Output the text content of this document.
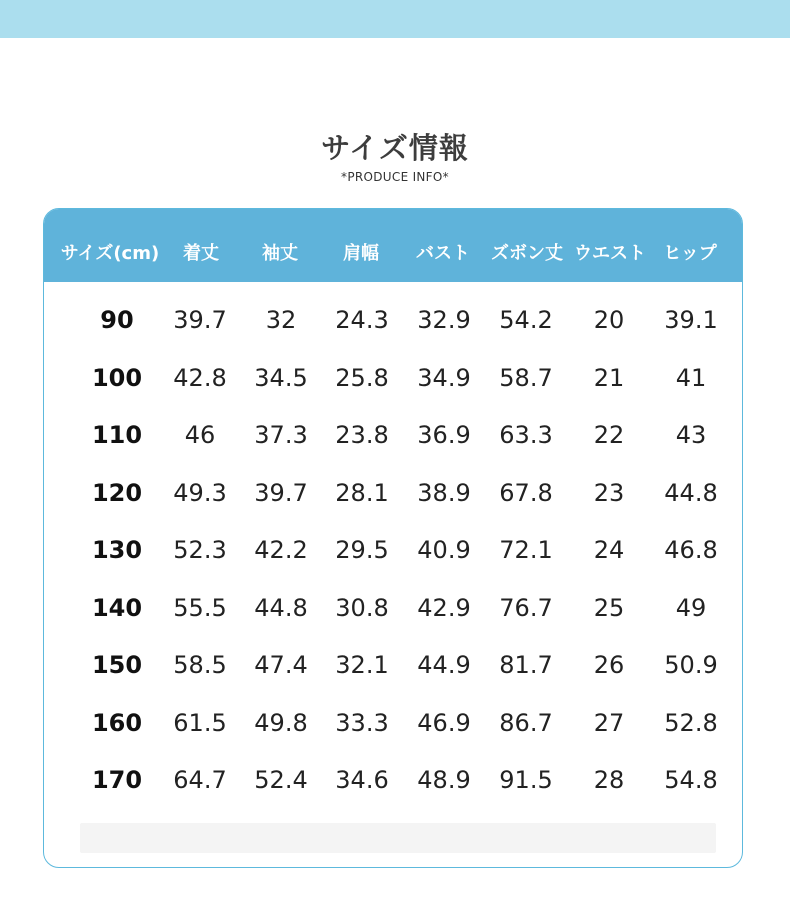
サイズ情報
*PRODUCE INFO*
サイズ(cm)	着丈	袖丈	肩幅	バスト	ズボン丈 ウエスト ヒップ
90	39.7	32	24.3	32.9	54.2	20	39.1
100	42.8	34.5	25.8	34.9	58.7	21	41
110	46	37.3	23.8	36.9	63.3	22	43
120	49.3	39.7	28.1	38.9	67.8	23	44.8
130	52.3	42.2	29.5	40.9	72.1	24	46.8
140	55.5	44.8	30.8	42.9	76.7	25	49
150	58.5	47.4	32.1	44.9	81.7	26	50.9
160	61.5	49.8	33.3	46.9	86.7	27	52.8
170	64.7	52.4	34.6	48.9	91.5	28	54.8
